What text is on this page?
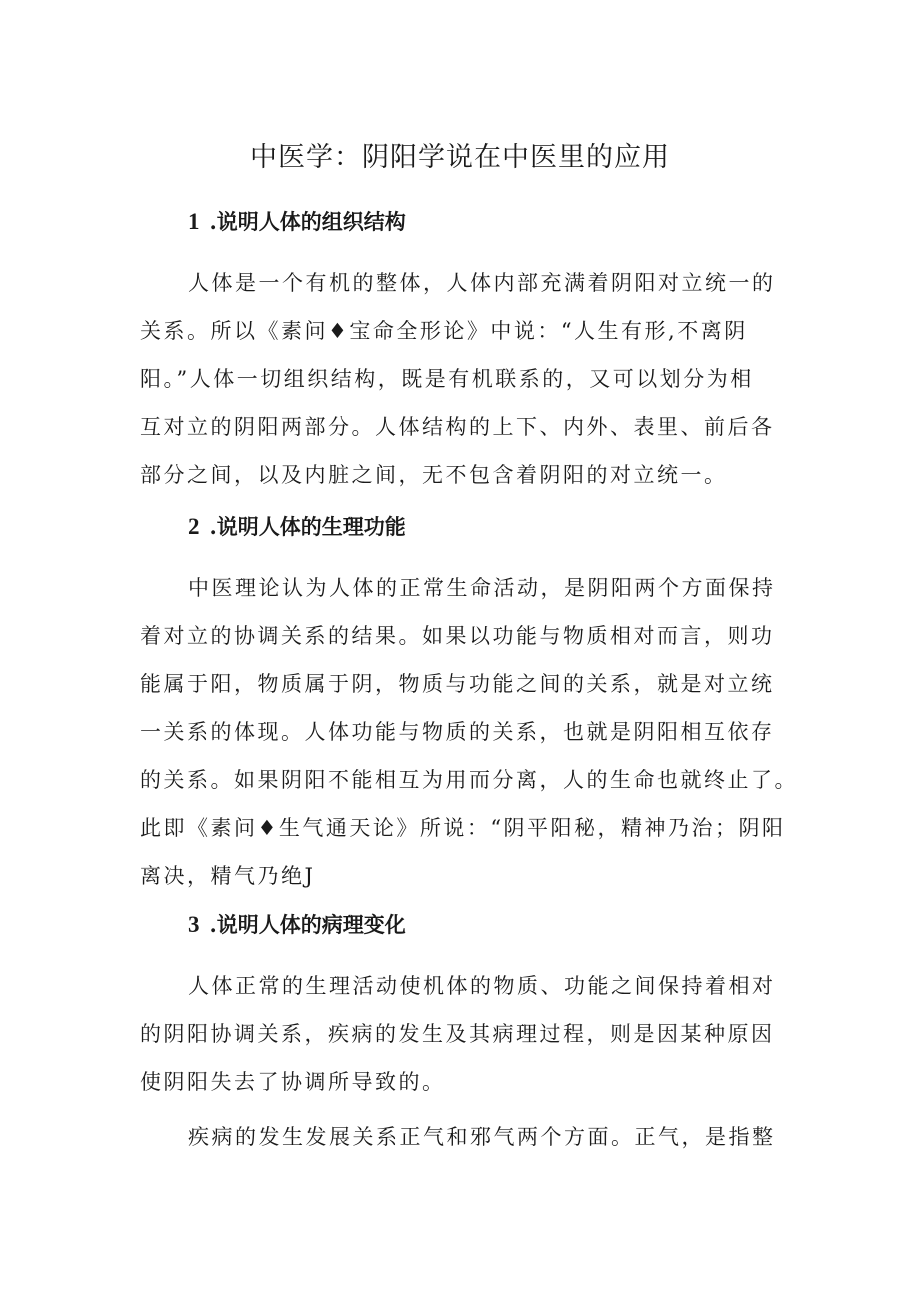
中医学：阴阳学说在中医里的应用
1 .说明人体的组织结构
人体是一个有机的整体，人体内部充满着阴阳对立统一的
关系。所以《素问♦宝命全形论》中说：“人生有形,不离阴
阳。”人体一切组织结构，既是有机联系的，又可以划分为相
互对立的阴阳两部分。人体结构的上下、内外、表里、前后各
部分之间，以及内脏之间，无不包含着阴阳的对立统一。
2 .说明人体的生理功能
中医理论认为人体的正常生命活动，是阴阳两个方面保持
着对立的协调关系的结果。如果以功能与物质相对而言，则功
能属于阳，物质属于阴，物质与功能之间的关系，就是对立统
一关系的体现。人体功能与物质的关系，也就是阴阳相互依存
的关系。如果阴阳不能相互为用而分离，人的生命也就终止了。
此即《素问♦生气通天论》所说：“阴平阳秘，精神乃治；阴阳
离决，精气乃绝J
3 .说明人体的病理变化
人体正常的生理活动使机体的物质、功能之间保持着相对
的阴阳协调关系，疾病的发生及其病理过程，则是因某种原因
使阴阳失去了协调所导致的。
疾病的发生发展关系正气和邪气两个方面。正气，是指整
